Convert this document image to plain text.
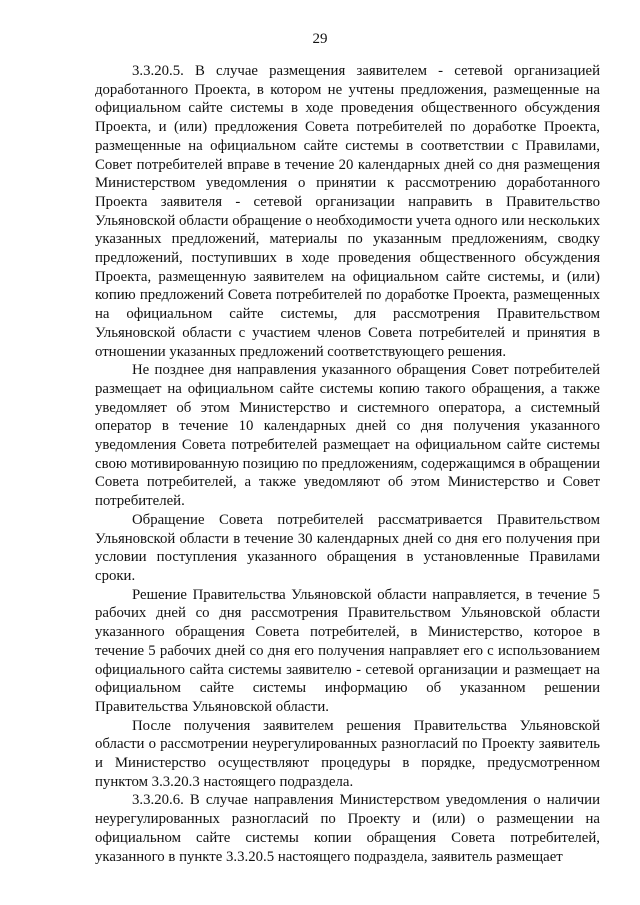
29

3.3.20.5. В случае размещения заявителем - сетевой организацией доработанного Проекта, в котором не учтены предложения, размещенные на официальном сайте системы в ходе проведения общественного обсуждения Проекта, и (или) предложения Совета потребителей по доработке Проекта, размещенные на официальном сайте системы в соответствии с Правилами, Совет потребителей вправе в течение 20 календарных дней со дня размещения Министерством уведомления о принятии к рассмотрению доработанного Проекта заявителя - сетевой организации направить в Правительство Ульяновской области обращение о необходимости учета одного или нескольких указанных предложений, материалы по указанным предложениям, сводку предложений, поступивших в ходе проведения общественного обсуждения Проекта, размещенную заявителем на официальном сайте системы, и (или) копию предложений Совета потребителей по доработке Проекта, размещенных на официальном сайте системы, для рассмотрения Правительством Ульяновской области с участием членов Совета потребителей и принятия в отношении указанных предложений соответствующего решения.

Не позднее дня направления указанного обращения Совет потребителей размещает на официальном сайте системы копию такого обращения, а также уведомляет об этом Министерство и системного оператора, а системный оператор в течение 10 календарных дней со дня получения указанного уведомления Совета потребителей размещает на официальном сайте системы свою мотивированную позицию по предложениям, содержащимся в обращении Совета потребителей, а также уведомляют об этом Министерство и Совет потребителей.

Обращение Совета потребителей рассматривается Правительством Ульяновской области в течение 30 календарных дней со дня его получения при условии поступления указанного обращения в установленные Правилами сроки.

Решение Правительства Ульяновской области направляется, в течение 5 рабочих дней со дня рассмотрения Правительством Ульяновской области указанного обращения Совета потребителей, в Министерство, которое в течение 5 рабочих дней со дня его получения направляет его с использованием официального сайта системы заявителю - сетевой организации и размещает на официальном сайте системы информацию об указанном решении Правительства Ульяновской области.

После получения заявителем решения Правительства Ульяновской области о рассмотрении неурегулированных разногласий по Проекту заявитель и Министерство осуществляют процедуры в порядке, предусмотренном пунктом 3.3.20.3 настоящего подраздела.

3.3.20.6. В случае направления Министерством уведомления о наличии неурегулированных разногласий по Проекту и (или) о размещении на официальном сайте системы копии обращения Совета потребителей, указанного в пункте 3.3.20.5 настоящего подраздела, заявитель размещает
